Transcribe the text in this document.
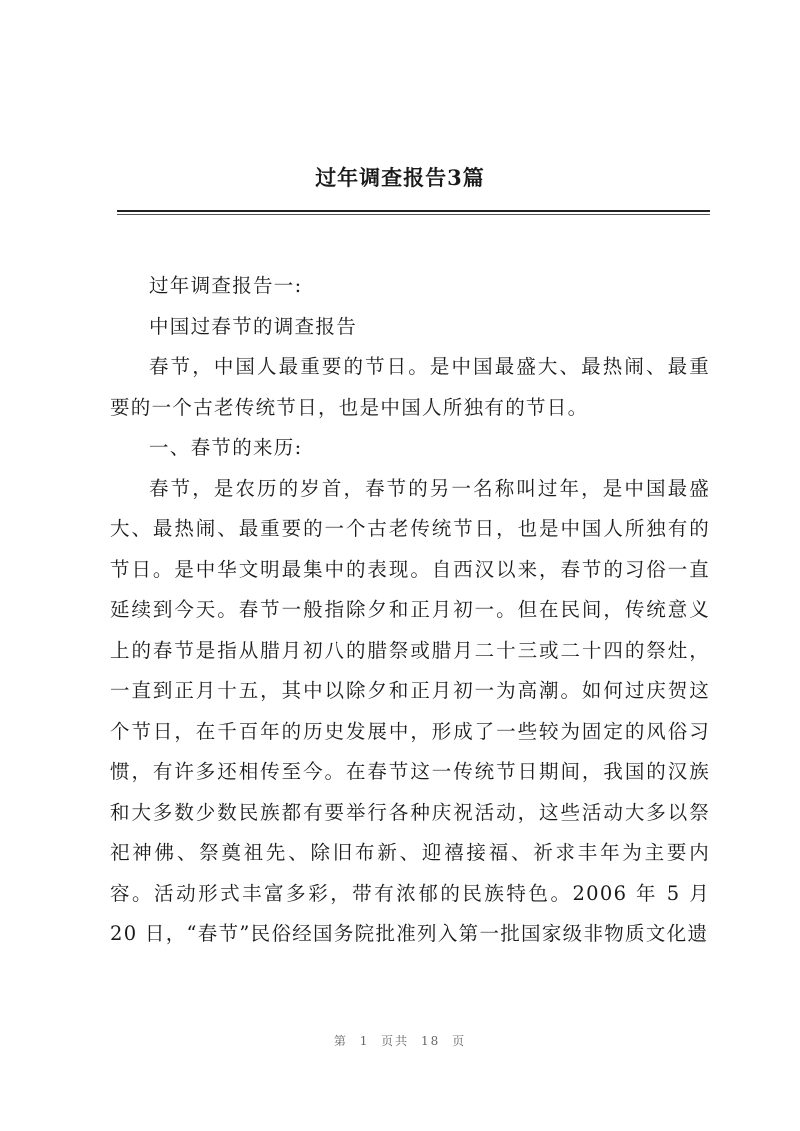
过年调查报告3篇

过年调查报告一:

中国过春节的调查报告

春节，中国人最重要的节日。是中国最盛大、最热闹、最重要的一个古老传统节日，也是中国人所独有的节日。

一、春节的来历:

春节，是农历的岁首，春节的另一名称叫过年，是中国最盛大、最热闹、最重要的一个古老传统节日，也是中国人所独有的节日。是中华文明最集中的表现。自西汉以来，春节的习俗一直延续到今天。春节一般指除夕和正月初一。但在民间，传统意义上的春节是指从腊月初八的腊祭或腊月二十三或二十四的祭灶，一直到正月十五，其中以除夕和正月初一为高潮。如何过庆贺这个节日，在千百年的历史发展中，形成了一些较为固定的风俗习惯，有许多还相传至今。在春节这一传统节日期间，我国的汉族和大多数少数民族都有要举行各种庆祝活动，这些活动大多以祭祀神佛、祭奠祖先、除旧布新、迎禧接福、祈求丰年为主要内容。活动形式丰富多彩，带有浓郁的民族特色。2006 年 5 月 20 日，“春节”民俗经国务院批准列入第一批国家级非物质文化遗

第 1 页共 18 页
